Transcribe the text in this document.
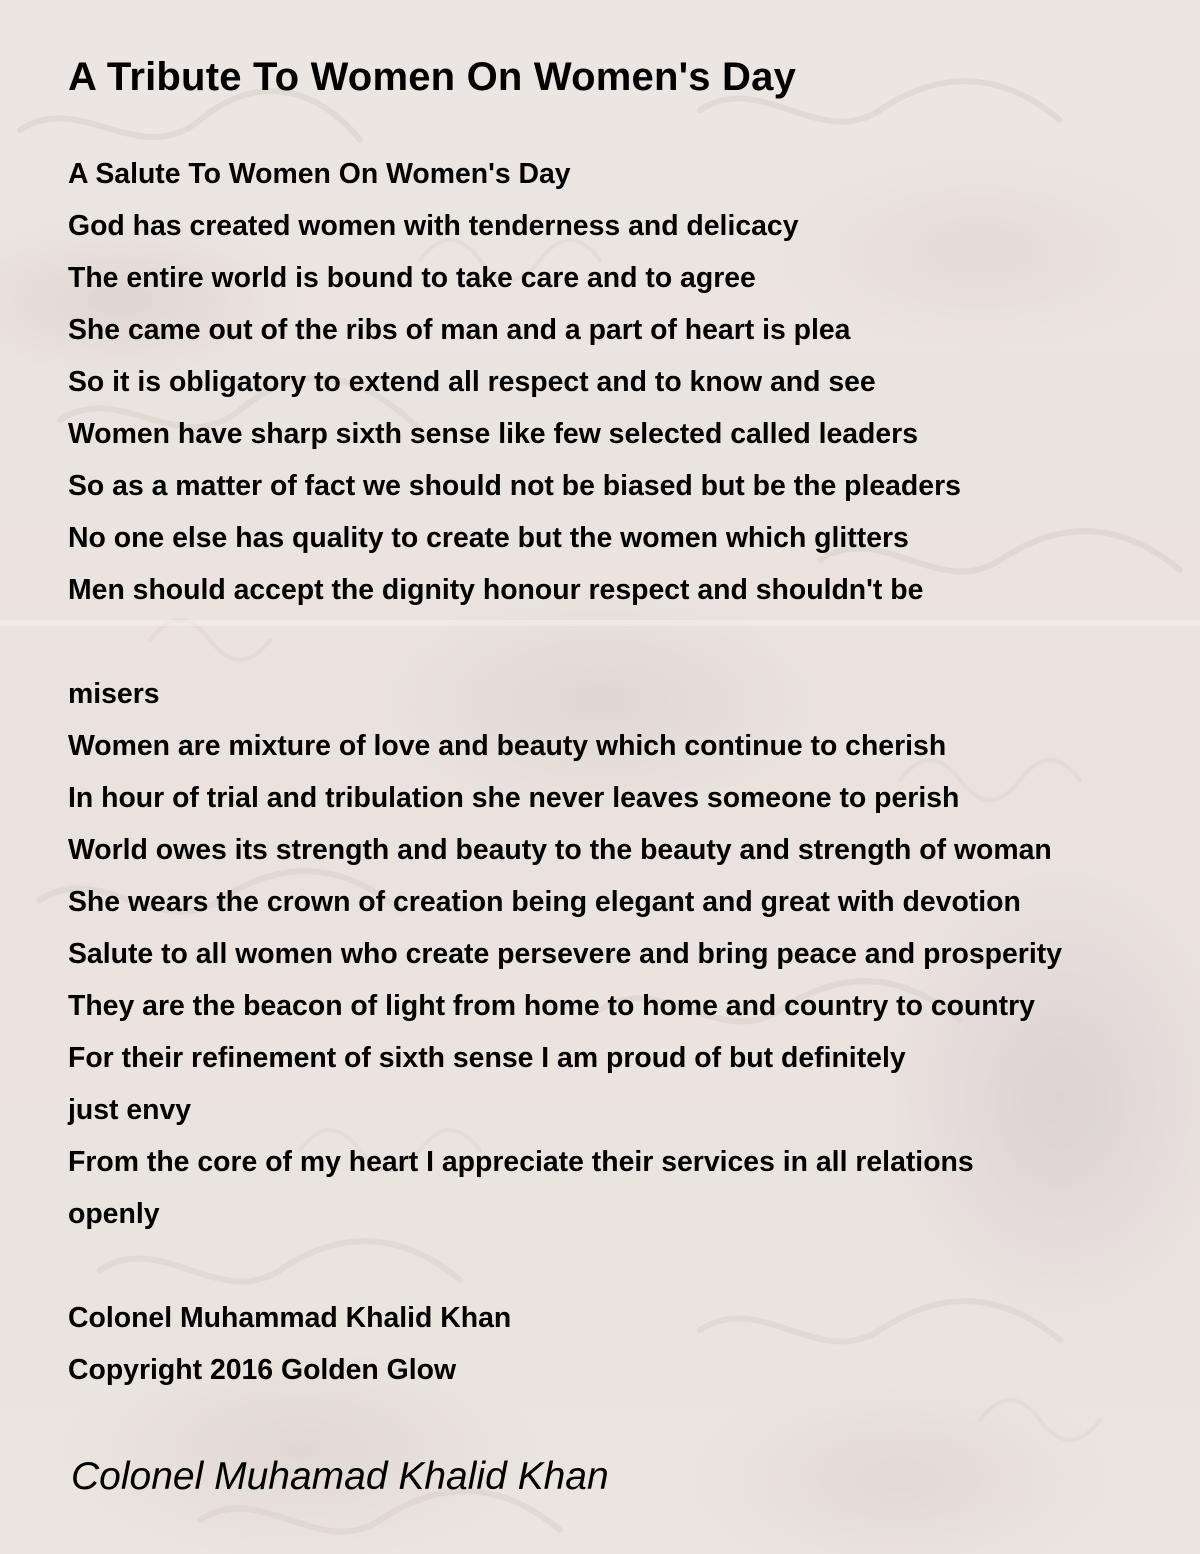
A Tribute To Women On Women's Day
A Salute To Women On Women's Day
God has created women with tenderness and delicacy
The entire world is bound to take care and to agree
She came out of the ribs of man and a part of heart is plea
So it is obligatory to extend all respect and to know and see
Women have sharp sixth sense like few selected called leaders
So as a matter of fact we should not be biased but be the pleaders
No one else has quality to create but the women which glitters
Men should accept the dignity honour respect and shouldn't be
misers
Women are mixture of love and beauty which continue to cherish
In hour of trial and tribulation she never leaves someone to perish
World owes its strength and beauty to the beauty and strength of woman
She wears the crown of creation being elegant and great with devotion
Salute to all women who create persevere and bring peace and prosperity
They are the beacon of light from home to home and country to country
For their refinement of sixth sense I am proud of but definitely
just envy
From the core of my heart I appreciate their services in all relations
openly
Colonel Muhammad Khalid Khan
Copyright 2016 Golden Glow
Colonel Muhamad Khalid Khan
